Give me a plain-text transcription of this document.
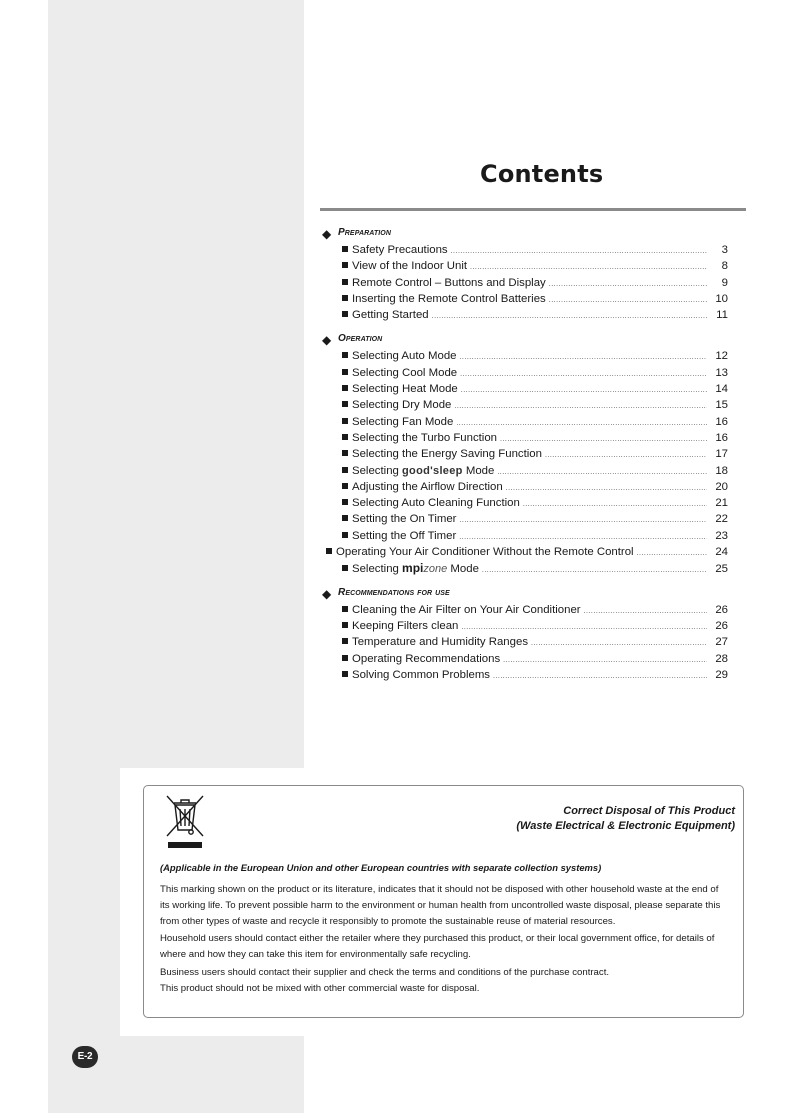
Contents
◆ Preparation
Safety Precautions .....	3
View of the Indoor Unit .....	8
Remote Control – Buttons and Display .....	9
Inserting the Remote Control Batteries .....	10
Getting Started .....	11
◆ Operation
Selecting Auto Mode .....	12
Selecting Cool Mode .....	13
Selecting Heat Mode .....	14
Selecting Dry Mode .....	15
Selecting Fan Mode .....	16
Selecting the Turbo Function .....	16
Selecting the Energy Saving Function .....	17
Selecting good'sleep Mode .....	18
Adjusting the Airflow Direction .....	20
Selecting Auto Cleaning Function .....	21
Setting the On Timer .....	22
Setting the Off Timer .....	23
Operating Your Air Conditioner Without the Remote Control .....	24
Selecting mpizone Mode .....	25
◆ Recommendations for use
Cleaning the Air Filter on Your Air Conditioner .....	26
Keeping Filters clean .....	26
Temperature and Humidity Ranges .....	27
Operating Recommendations .....	28
Solving Common Problems .....	29
Correct Disposal of This Product
(Waste Electrical & Electronic Equipment)
(Applicable in the European Union and other European countries with separate collection systems)

This marking shown on the product or its literature, indicates that it should not be disposed with other household waste at the end of its working life. To prevent possible harm to the environment or human health from uncontrolled waste disposal, please separate this from other types of waste and recycle it responsibly to promote the sustainable reuse of material resources.

Household users should contact either the retailer where they purchased this product, or their local government office, for details of where and how they can take this item for environmentally safe recycling.

Business users should contact their supplier and check the terms and conditions of the purchase contract.

This product should not be mixed with other commercial waste for disposal.

E-2
